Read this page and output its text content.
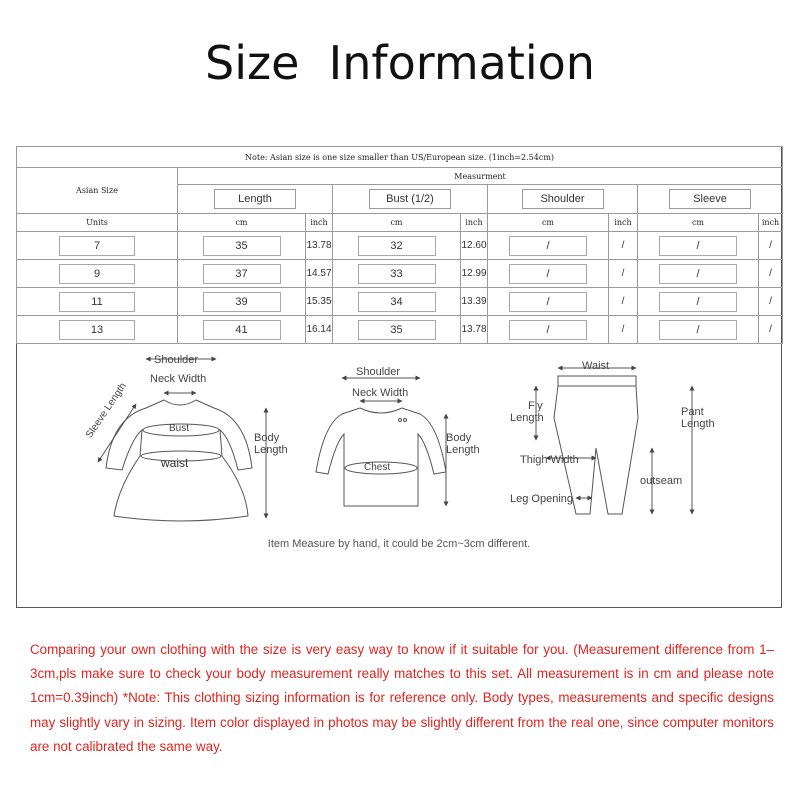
Size  Information
Note: Asian size is one size smaller than US/European size. (1inch=2.54cm)								
Asian Size	Measurment							
	Length		Bust (1/2)		Shoulder		Sleeve	
Units	cm	inch	cm	inch	cm	inch	cm	inch
7	35	13.78	32	12.60	/	/	/	/
9	37	14.57	33	12.99	/	/	/	/
11	39	15.35	34	13.39	/	/	/	/
13	41	16.14	35	13.78	/	/	/	/
Shoulder
Neck Width
Sleeve Length	Bust
waist
Body
Length
Shoulder
Neck Width
Chest
Body
Length
Waist
Fly
Length	Pant
Length
Thigh Width
outseam
Leg Opening
Item Measure by hand, it could be 2cm~3cm different.
Comparing your own clothing with the size is very easy way to know if it suitable for you. (Measurement difference from 1– 3cm,pls make sure to check your body measurement really matches to this set. All measurement is in cm and please note 1cm=0.39inch) *Note: This clothing sizing information is for reference only. Body types, measurements and specific designs may slightly vary in sizing. Item color displayed in photos may be slightly different from the real one, since computer monitors are not calibrated the same way.
